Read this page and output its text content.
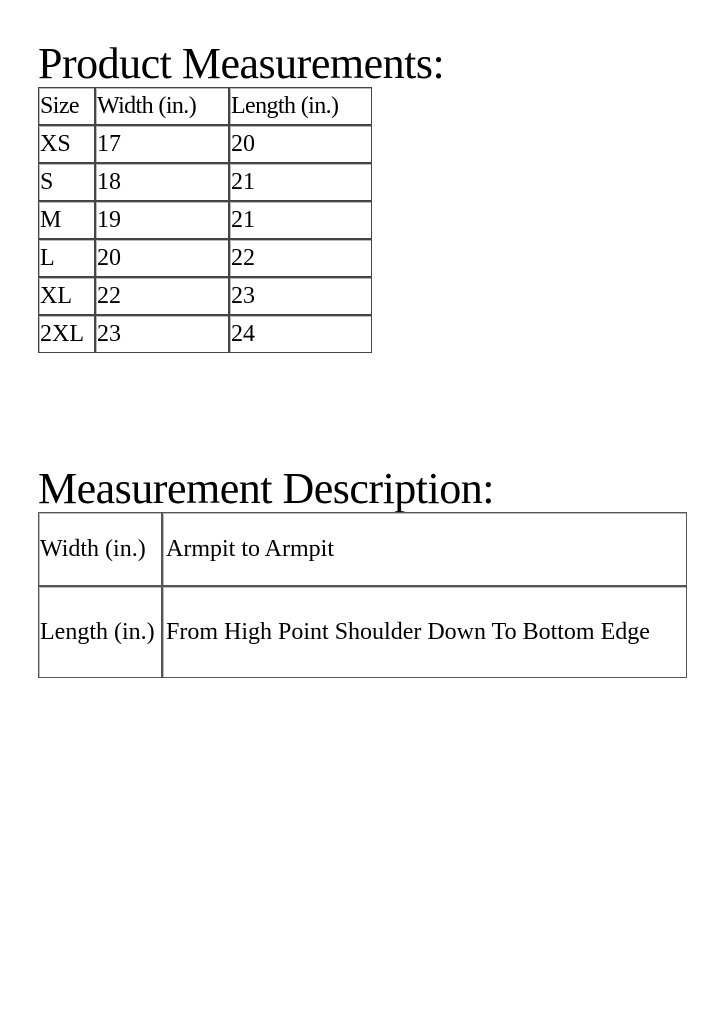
Product Measurements:
Size	Width (in.)	Length (in.)
XS	17	20
S	18	21
M	19	21
L	20	22
XL	22	23
2XL	23	24
Measurement Description:
Width (in.)	Armpit to Armpit
Length (in.)	From High Point Shoulder Down To Bottom Edge
